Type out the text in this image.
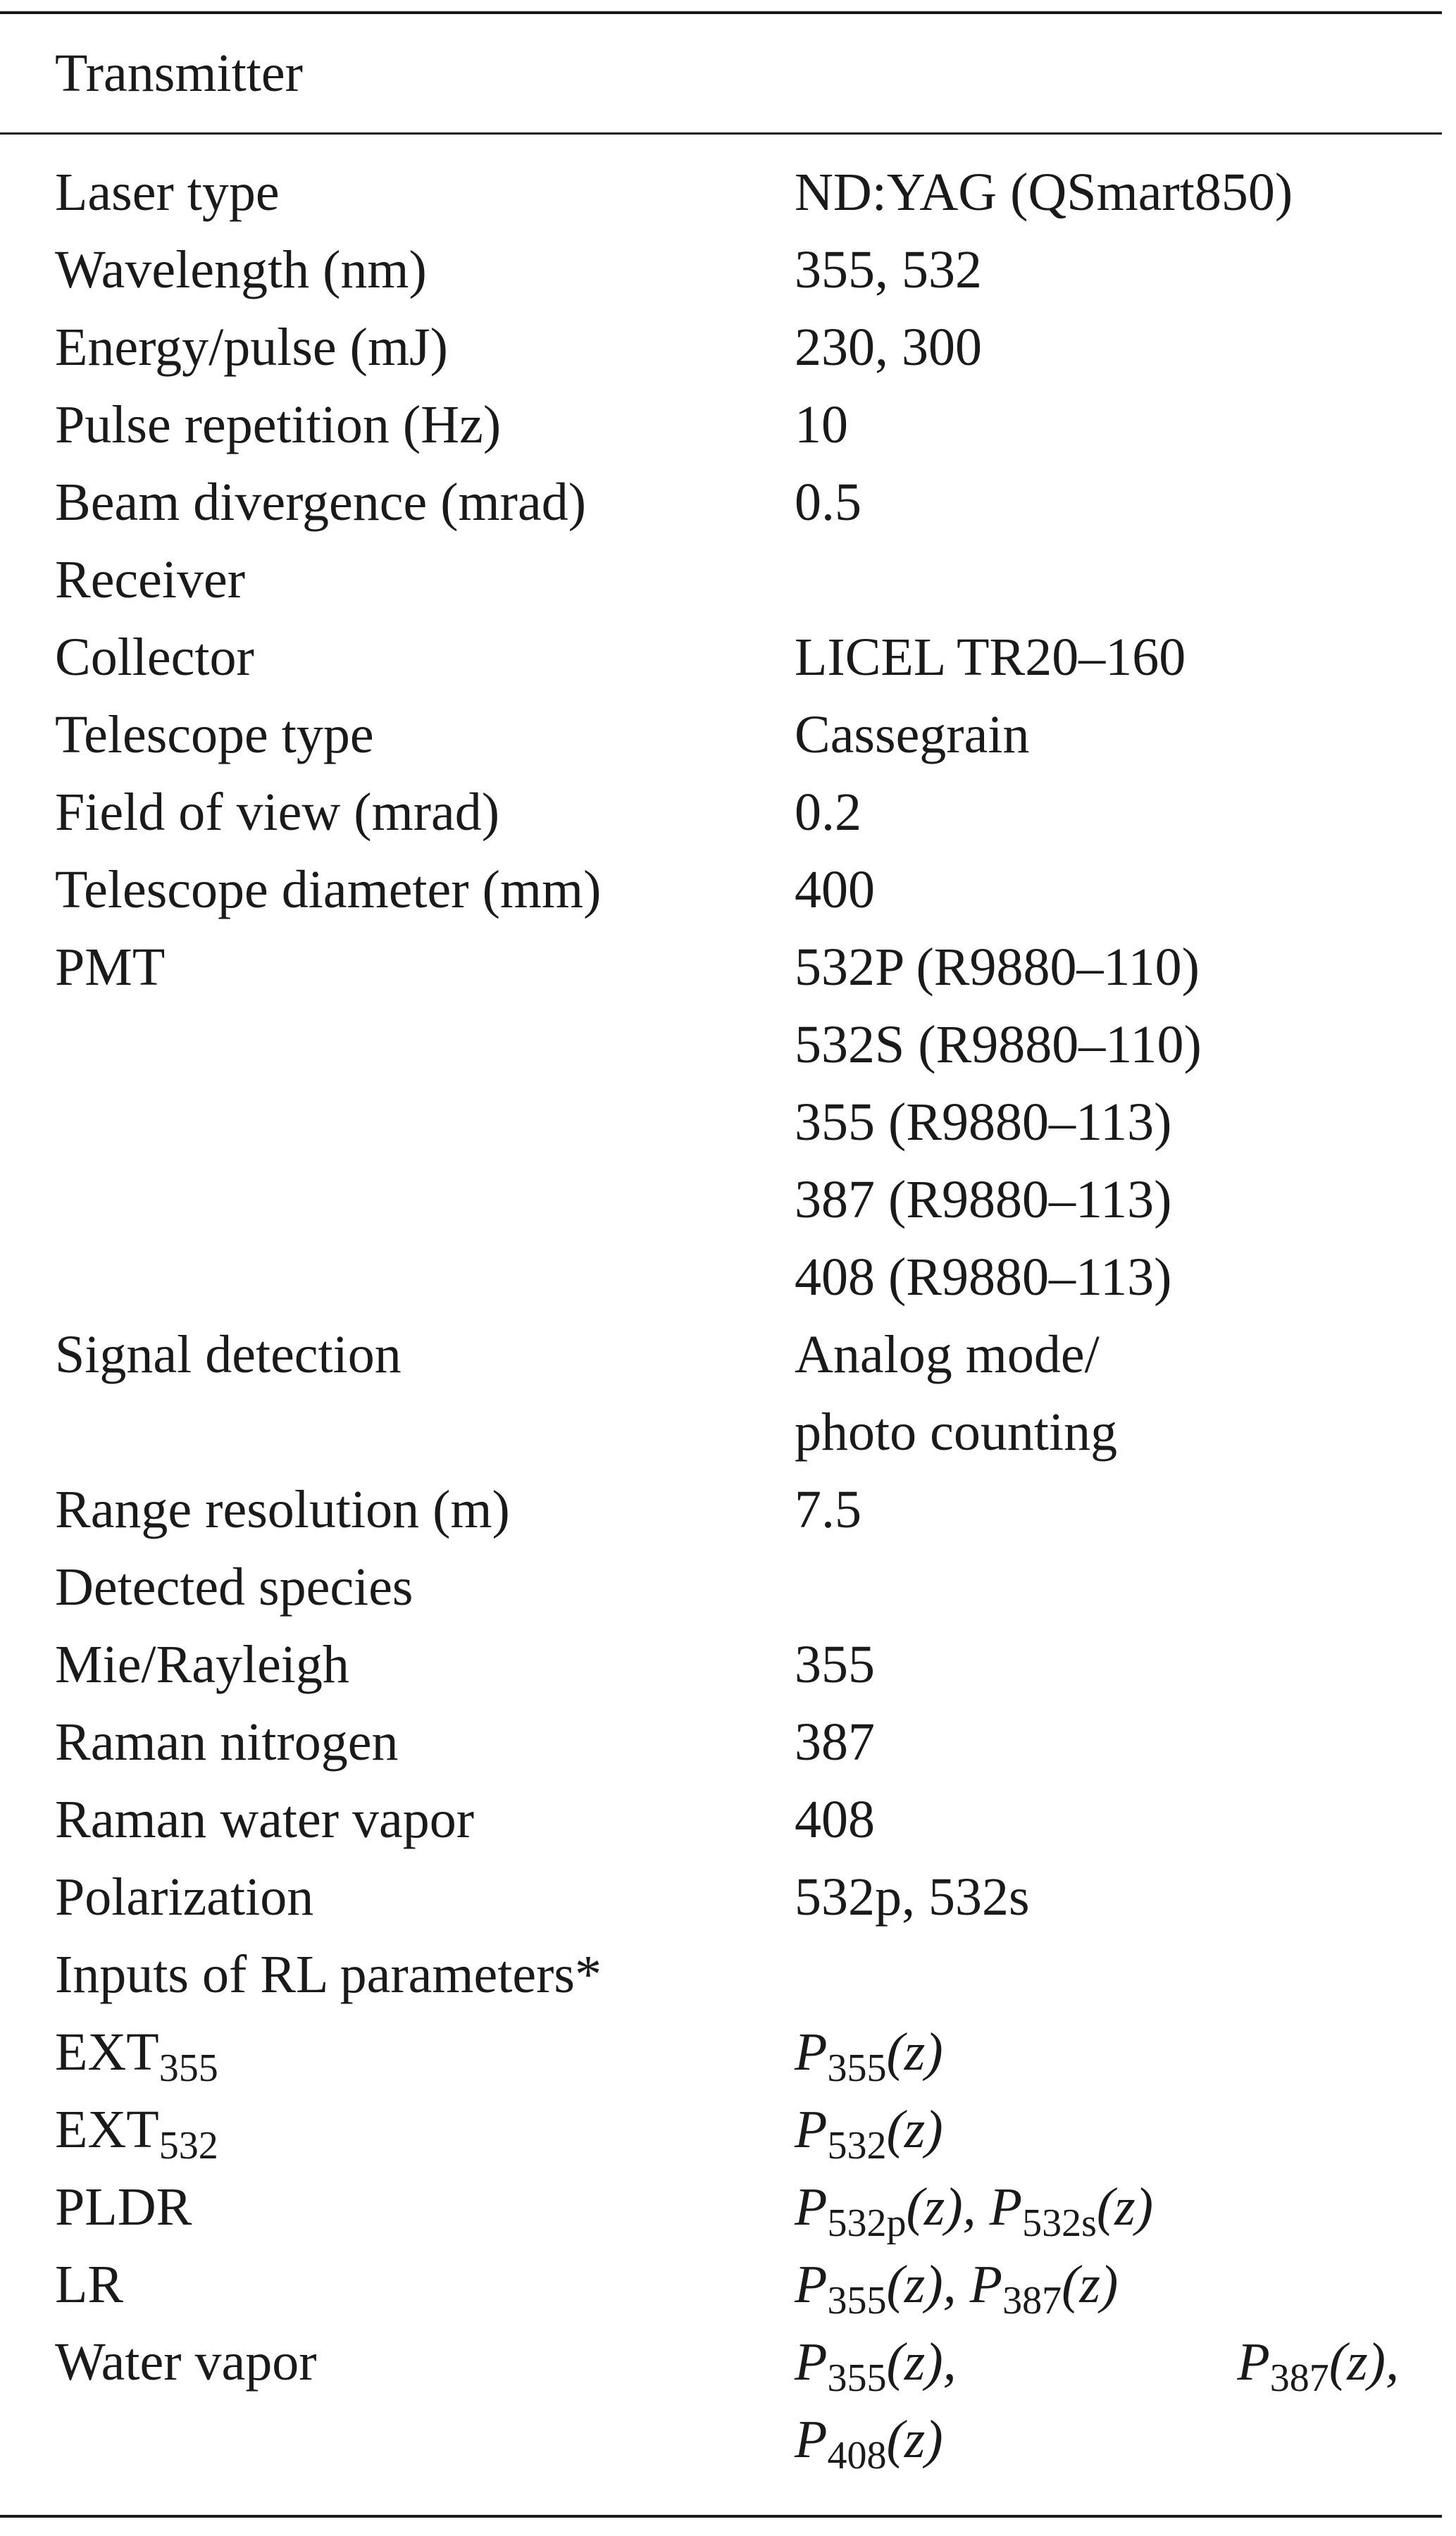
Transmitter
Laser type	ND:YAG (QSmart850)
Wavelength (nm)	355, 532
Energy/pulse (mJ)	230, 300
Pulse repetition (Hz)	10
Beam divergence (mrad)	0.5
Receiver
Collector	LICEL TR20–160
Telescope type	Cassegrain
Field of view (mrad)	0.2
Telescope diameter (mm)	400
PMT	532P (R9880–110)
532S (R9880–110)
355 (R9880–113)
387 (R9880–113)
408 (R9880–113)
Signal detection	Analog mode/
photo counting
Range resolution (m)	7.5
Detected species
Mie/Rayleigh	355
Raman nitrogen	387
Raman water vapor	408
Polarization	532p, 532s
Inputs of RL parameters*
$EXT_{355}$	$P_{355}(z)$
$EXT_{532}$	$P_{532}(z)$
PLDR	$P_{532p}(z)$, $P_{532s}(z)$
LR	$P_{355}(z)$, $P_{387}(z)$
Water vapor	$P_{355}(z)$,	$P_{387}(z)$,
$P_{408}(z)$
